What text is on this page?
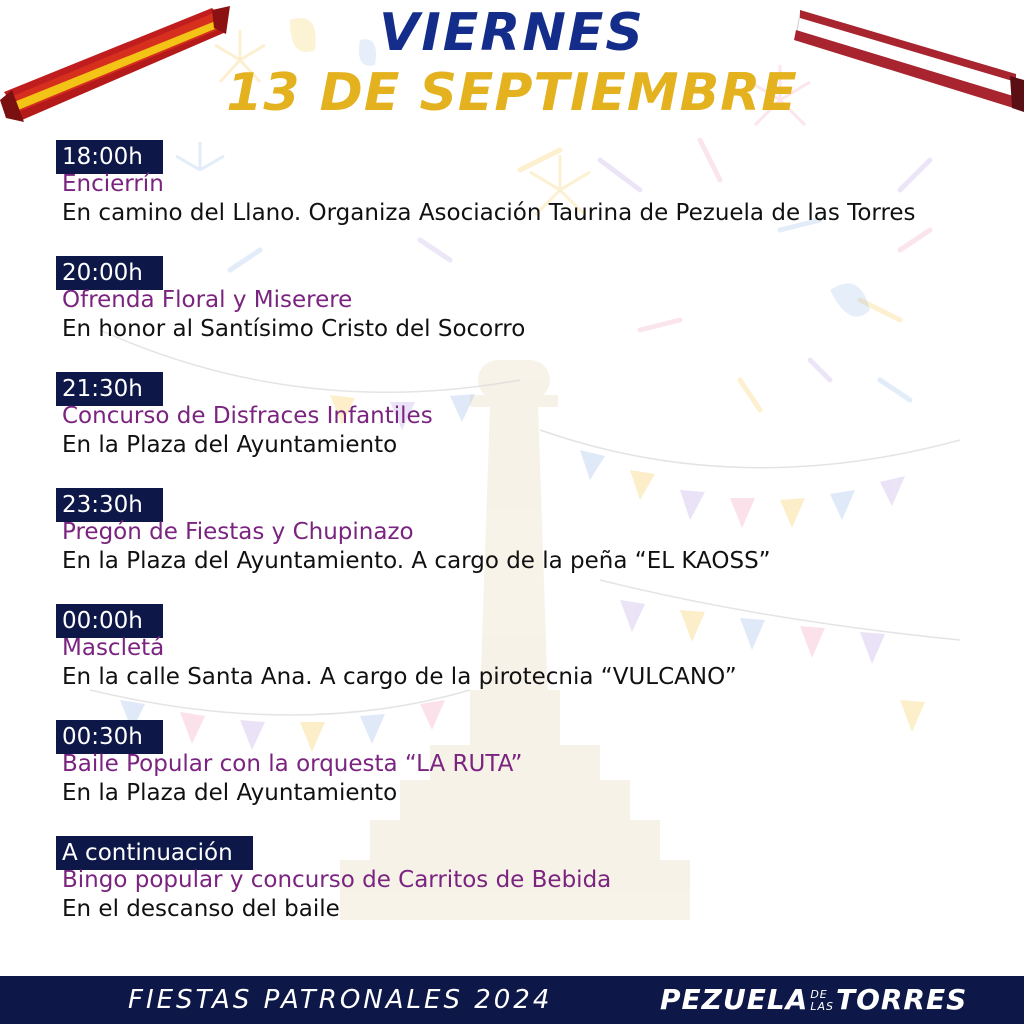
VIERNES
13 DE SEPTIEMBRE
18:00h
Encierrín
En camino del Llano. Organiza Asociación Taurina de Pezuela de las Torres
20:00h
Ofrenda Floral y Miserere
En honor al Santísimo Cristo del Socorro
21:30h
Concurso de Disfraces Infantiles
En la Plaza del Ayuntamiento
23:30h
Pregón de Fiestas y Chupinazo
En la Plaza del Ayuntamiento. A cargo de la peña “EL KAOSS”
00:00h
Mascletá
En la calle Santa Ana. A cargo de la pirotecnia “VULCANO”
00:30h
Baile Popular con la orquesta “LA RUTA”
En la Plaza del Ayuntamiento
A continuación
Bingo popular y concurso de Carritos de Bebida
En el descanso del baile
FIESTAS PATRONALES 2024	PEZUELA DE
LASTORRES
